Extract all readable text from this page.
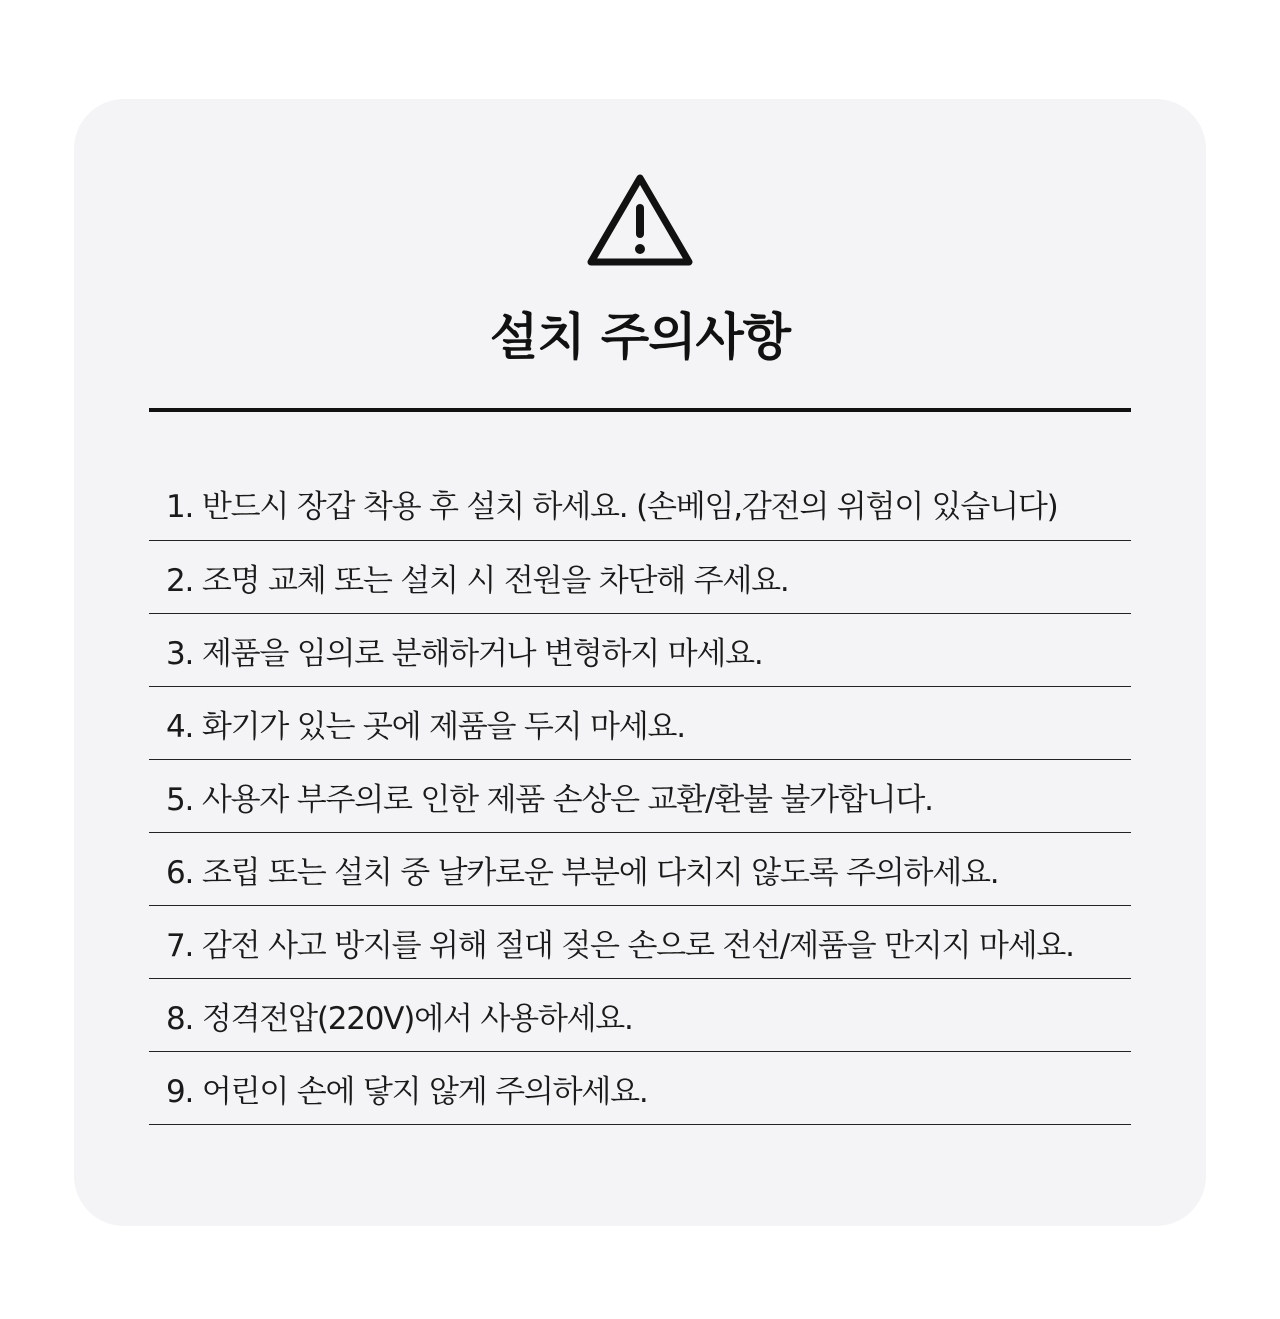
설치 주의사항
1. 반드시 장갑 착용 후 설치 하세요. (손베임,감전의 위험이 있습니다)
2. 조명 교체 또는 설치 시 전원을 차단해 주세요.
3. 제품을 임의로 분해하거나 변형하지 마세요.
4. 화기가 있는 곳에 제품을 두지 마세요.
5. 사용자 부주의로 인한 제품 손상은 교환/환불 불가합니다.
6. 조립 또는 설치 중 날카로운 부분에 다치지 않도록 주의하세요.
7. 감전 사고 방지를 위해 절대 젖은 손으로 전선/제품을 만지지 마세요.
8. 정격전압(220V)에서 사용하세요.
9. 어린이 손에 닿지 않게 주의하세요.
